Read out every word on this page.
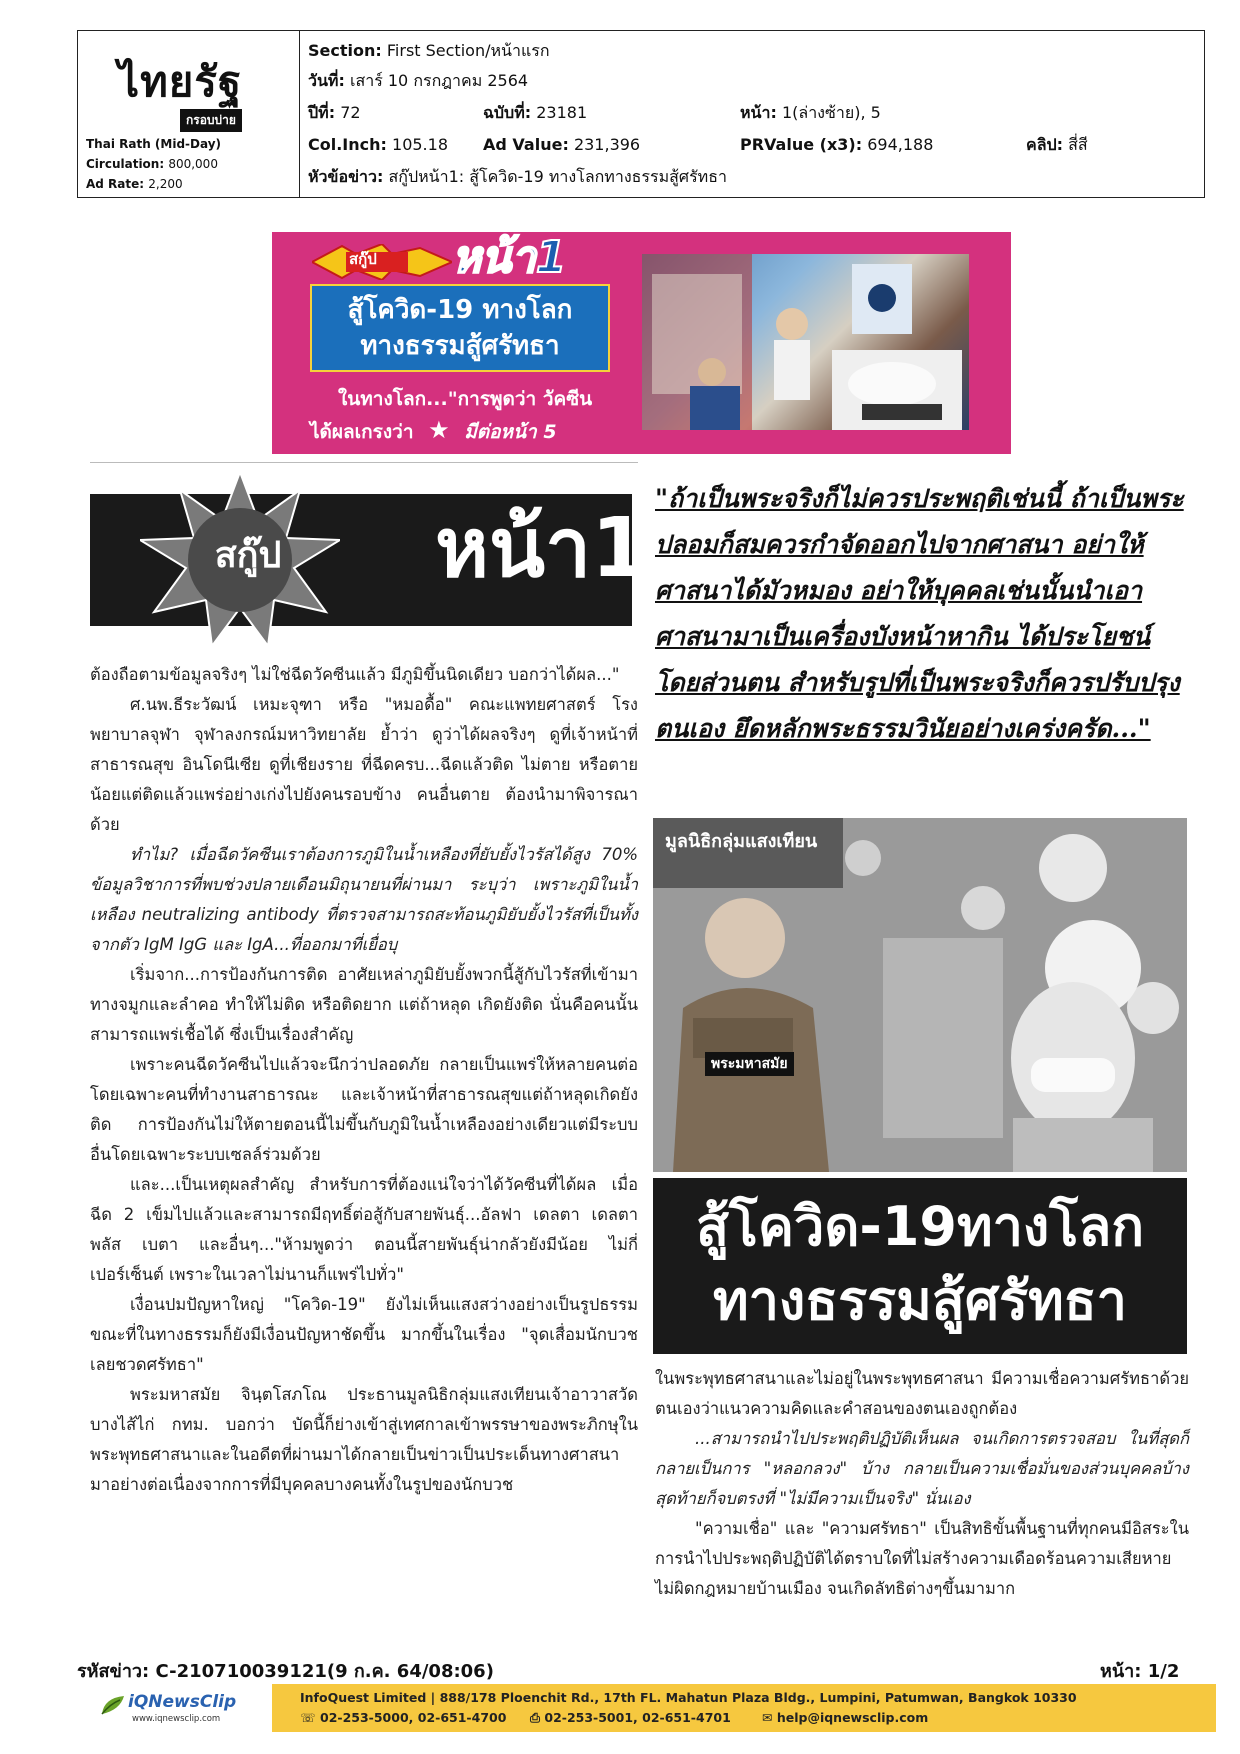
ไทยรัฐ
กรอบบ่าย
Thai Rath (Mid-Day)
Circulation: 800,000
Ad Rate: 2,200
Section: First Section/หน้าแรก
วันที่: เสาร์ 10 กรกฎาคม 2564
ปีที่: 72	ฉบับที่: 23181	หน้า: 1(ล่างซ้าย), 5
Col.Inch: 105.18 Ad Value: 231,396	PRValue (x3): 694,188	คลิป: สี่สี
หัวข้อข่าว: สกู๊ปหน้า1: สู้โควิด-19 ทางโลกทางธรรมสู้ศรัทธา
สกู๊ป หน้า1
สู้โควิด-19 ทางโลก
ทางธรรมสู้ศรัทธา
ในทางโลก..."การพูดว่า วัคซีน
ได้ผลเกรงว่า ★ มีต่อหน้า 5
สกู๊ป หน้า1

ต้องถือตามข้อมูลจริงๆ ไม่ใช่ฉีดวัคซีนแล้ว มีภูมิขึ้นนิดเดียว บอกว่าได้ผล..."

ศ.นพ.ธีระวัฒน์ เหมะจุฑา หรือ "หมอดื้อ" คณะแพทยศาสตร์ โรงพยาบาลจุฬา จุฬาลงกรณ์มหาวิทยาลัย ย้ำว่า ดูว่าได้ผลจริงๆ ดูที่เจ้าหน้าที่สาธารณสุข อินโดนีเซีย ดูที่เชียงราย ที่ฉีดครบ...ฉีดแล้วติด ไม่ตาย หรือตายน้อยแต่ติดแล้วแพร่อย่างเก่งไปยังคนรอบข้าง คนอื่นตาย ต้องนำมาพิจารณาด้วย

ทำไม? เมื่อฉีดวัคซีนเราต้องการภูมิในน้ำเหลืองที่ยับยั้งไวรัสได้สูง 70% ข้อมูลวิชาการที่พบช่วงปลายเดือนมิถุนายนที่ผ่านมา ระบุว่า เพราะภูมิในน้ำเหลือง neutralizing antibody ที่ตรวจสามารถสะท้อนภูมิยับยั้งไวรัสที่เป็นทั้งจากตัว IgM IgG และ IgA...ที่ออกมาที่เยื่อบุ

เริ่มจาก...การป้องกันการติด อาศัยเหล่าภูมิยับยั้งพวกนี้สู้กับไวรัสที่เข้ามาทางจมูกและลำคอ ทำให้ไม่ติด หรือติดยาก แต่ถ้าหลุด เกิดยังติด นั่นคือคนนั้นสามารถแพร่เชื้อได้ ซึ่งเป็นเรื่องสำคัญ

เพราะคนฉีดวัคซีนไปแล้วจะนึกว่าปลอดภัย กลายเป็นแพร่ให้หลายคนต่อ โดยเฉพาะคนที่ทำงานสาธารณะ และเจ้าหน้าที่สาธารณสุขแต่ถ้าหลุดเกิดยังติด การป้องกันไม่ให้ตายตอนนี้ไม่ขึ้นกับภูมิในน้ำเหลืองอย่างเดียวแต่มีระบบอื่นโดยเฉพาะระบบเซลล์ร่วมด้วย

และ...เป็นเหตุผลสำคัญ สำหรับการที่ต้องแน่ใจว่าได้วัคซีนที่ได้ผล เมื่อฉีด 2 เข็มไปแล้วและสามารถมีฤทธิ์ต่อสู้กับสายพันธุ์...อัลฟา เดลตา เดลตาพลัส เบตา และอื่นๆ..."ห้ามพูดว่า ตอนนี้สายพันธุ์น่ากลัวยังมีน้อย ไม่กี่เปอร์เซ็นต์ เพราะในเวลาไม่นานก็แพร่ไปทั่ว"

เงื่อนปมปัญหาใหญ่ "โควิด-19" ยังไม่เห็นแสงสว่างอย่างเป็นรูปธรรม ขณะที่ในทางธรรมก็ยังมีเงื่อนปัญหาชัดขึ้น มากขึ้นในเรื่อง "จุดเสื่อมนักบวช เลยชวดศรัทธา"

พระมหาสมัย จินฺตโสภโณ ประธานมูลนิธิกลุ่มแสงเทียนเจ้าอาวาสวัดบางไส้ไก่ กทม. บอกว่า บัดนี้ก็ย่างเข้าสู่เทศกาลเข้าพรรษาของพระภิกษุในพระพุทธศาสนาและในอดีตที่ผ่านมาได้กลายเป็นข่าวเป็นประเด็นทางศาสนามาอย่างต่อเนื่องจากการที่มีบุคคลบางคนทั้งในรูปของนักบวช

"ถ้าเป็นพระจริงก็ไม่ควรประพฤติเช่นนี้ ถ้าเป็นพระปลอมก็สมควรกำจัดออกไปจากศาสนา อย่าให้ศาสนาได้มัวหมอง อย่าให้บุคคลเช่นนั้นนำเอาศาสนามาเป็นเครื่องบังหน้าหากิน ได้ประโยชน์โดยส่วนตน สำหรับรูปที่เป็นพระจริงก็ควรปรับปรุงตนเอง ยึดหลักพระธรรมวินัยอย่างเคร่งครัด..."
มูลนิธิกลุ่มแสงเทียน
พระมหาสมัย
สู้โควิด-19ทางโลก
ทางธรรมสู้ศรัทธา

ในพระพุทธศาสนาและไม่อยู่ในพระพุทธศาสนา มีความเชื่อความศรัทธาด้วยตนเองว่าแนวความคิดและคำสอนของตนเองถูกต้อง

...สามารถนำไปประพฤติปฏิบัติเห็นผล จนเกิดการตรวจสอบ ในที่สุดก็กลายเป็นการ "หลอกลวง" บ้าง กลายเป็นความเชื่อมั่นของส่วนบุคคลบ้าง สุดท้ายก็จบตรงที่ "ไม่มีความเป็นจริง" นั่นเอง

"ความเชื่อ" และ "ความศรัทธา" เป็นสิทธิขั้นพื้นฐานที่ทุกคนมีอิสระในการนำไปประพฤติปฏิบัติได้ตราบใดที่ไม่สร้างความเดือดร้อนความเสียหาย ไม่ผิดกฎหมายบ้านเมือง จนเกิดลัทธิต่างๆขึ้นมามาก

รหัสข่าว: C-210710039121(9 ก.ค. 64/08:06)	หน้า: 1/2
iQNewsClip
www.iqnewsclip.com
InfoQuest Limited | 888/178 Ploenchit Rd., 17th FL. Mahatun Plaza Bldg., Lumpini, Patumwan, Bangkok 10330
☏ 02-253-5000, 02-651-4700 ⎙ 02-253-5001, 02-651-4701 ✉ help@iqnewsclip.com
